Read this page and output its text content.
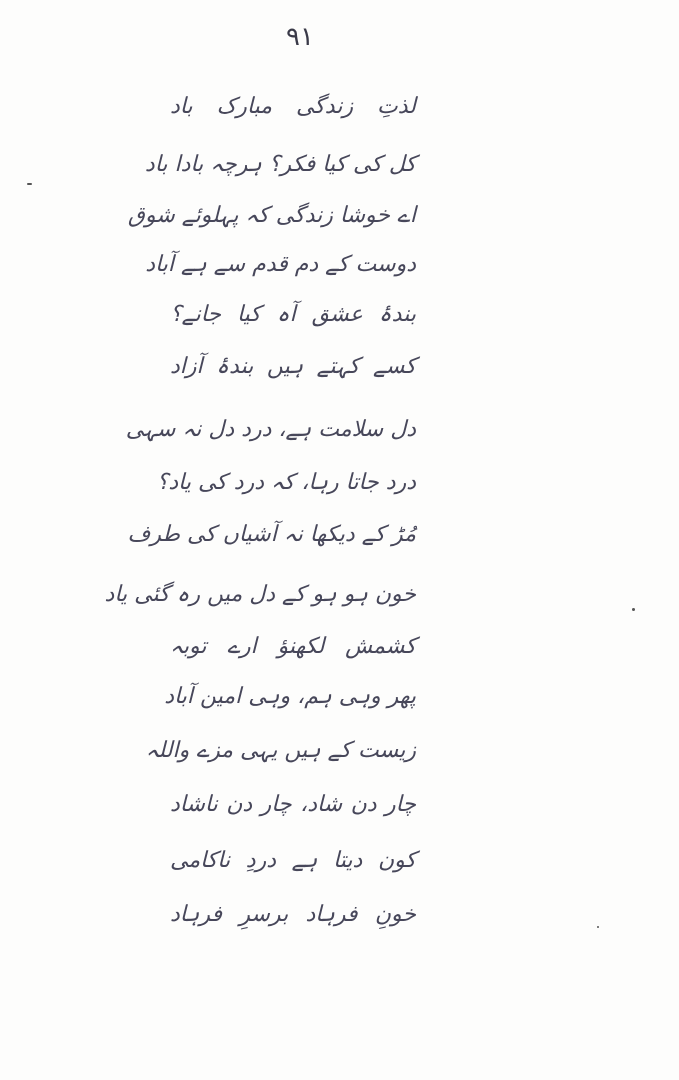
۹۱
لذتِ زندگی مبارک باد
کل کی کیا فکر؟ ہرچہ بادا باد
اے خوشا زندگی کہ پہلوئے شوق
دوست کے دم قدم سے ہے آباد
بندۂ عشق آہ کیا جانے؟
کسے کہتے ہیں بندۂ آزاد
دل سلامت ہے، درد دل نہ سہی
درد جاتا رہا، کہ درد کی یاد؟
مُڑ کے دیکھا نہ آشیاں کی طرف
خون ہو ہو کے دل میں رہ گئی یاد
کشمش لکھنؤ ارے توبہ
پھر وہی ہم، وہی امین آباد
زیست کے ہیں یہی مزے واللہ
چار دن شاد، چار دن ناشاد
کون دیتا ہے دردِ ناکامی
خونِ فرہاد برسرِ فرہاد
